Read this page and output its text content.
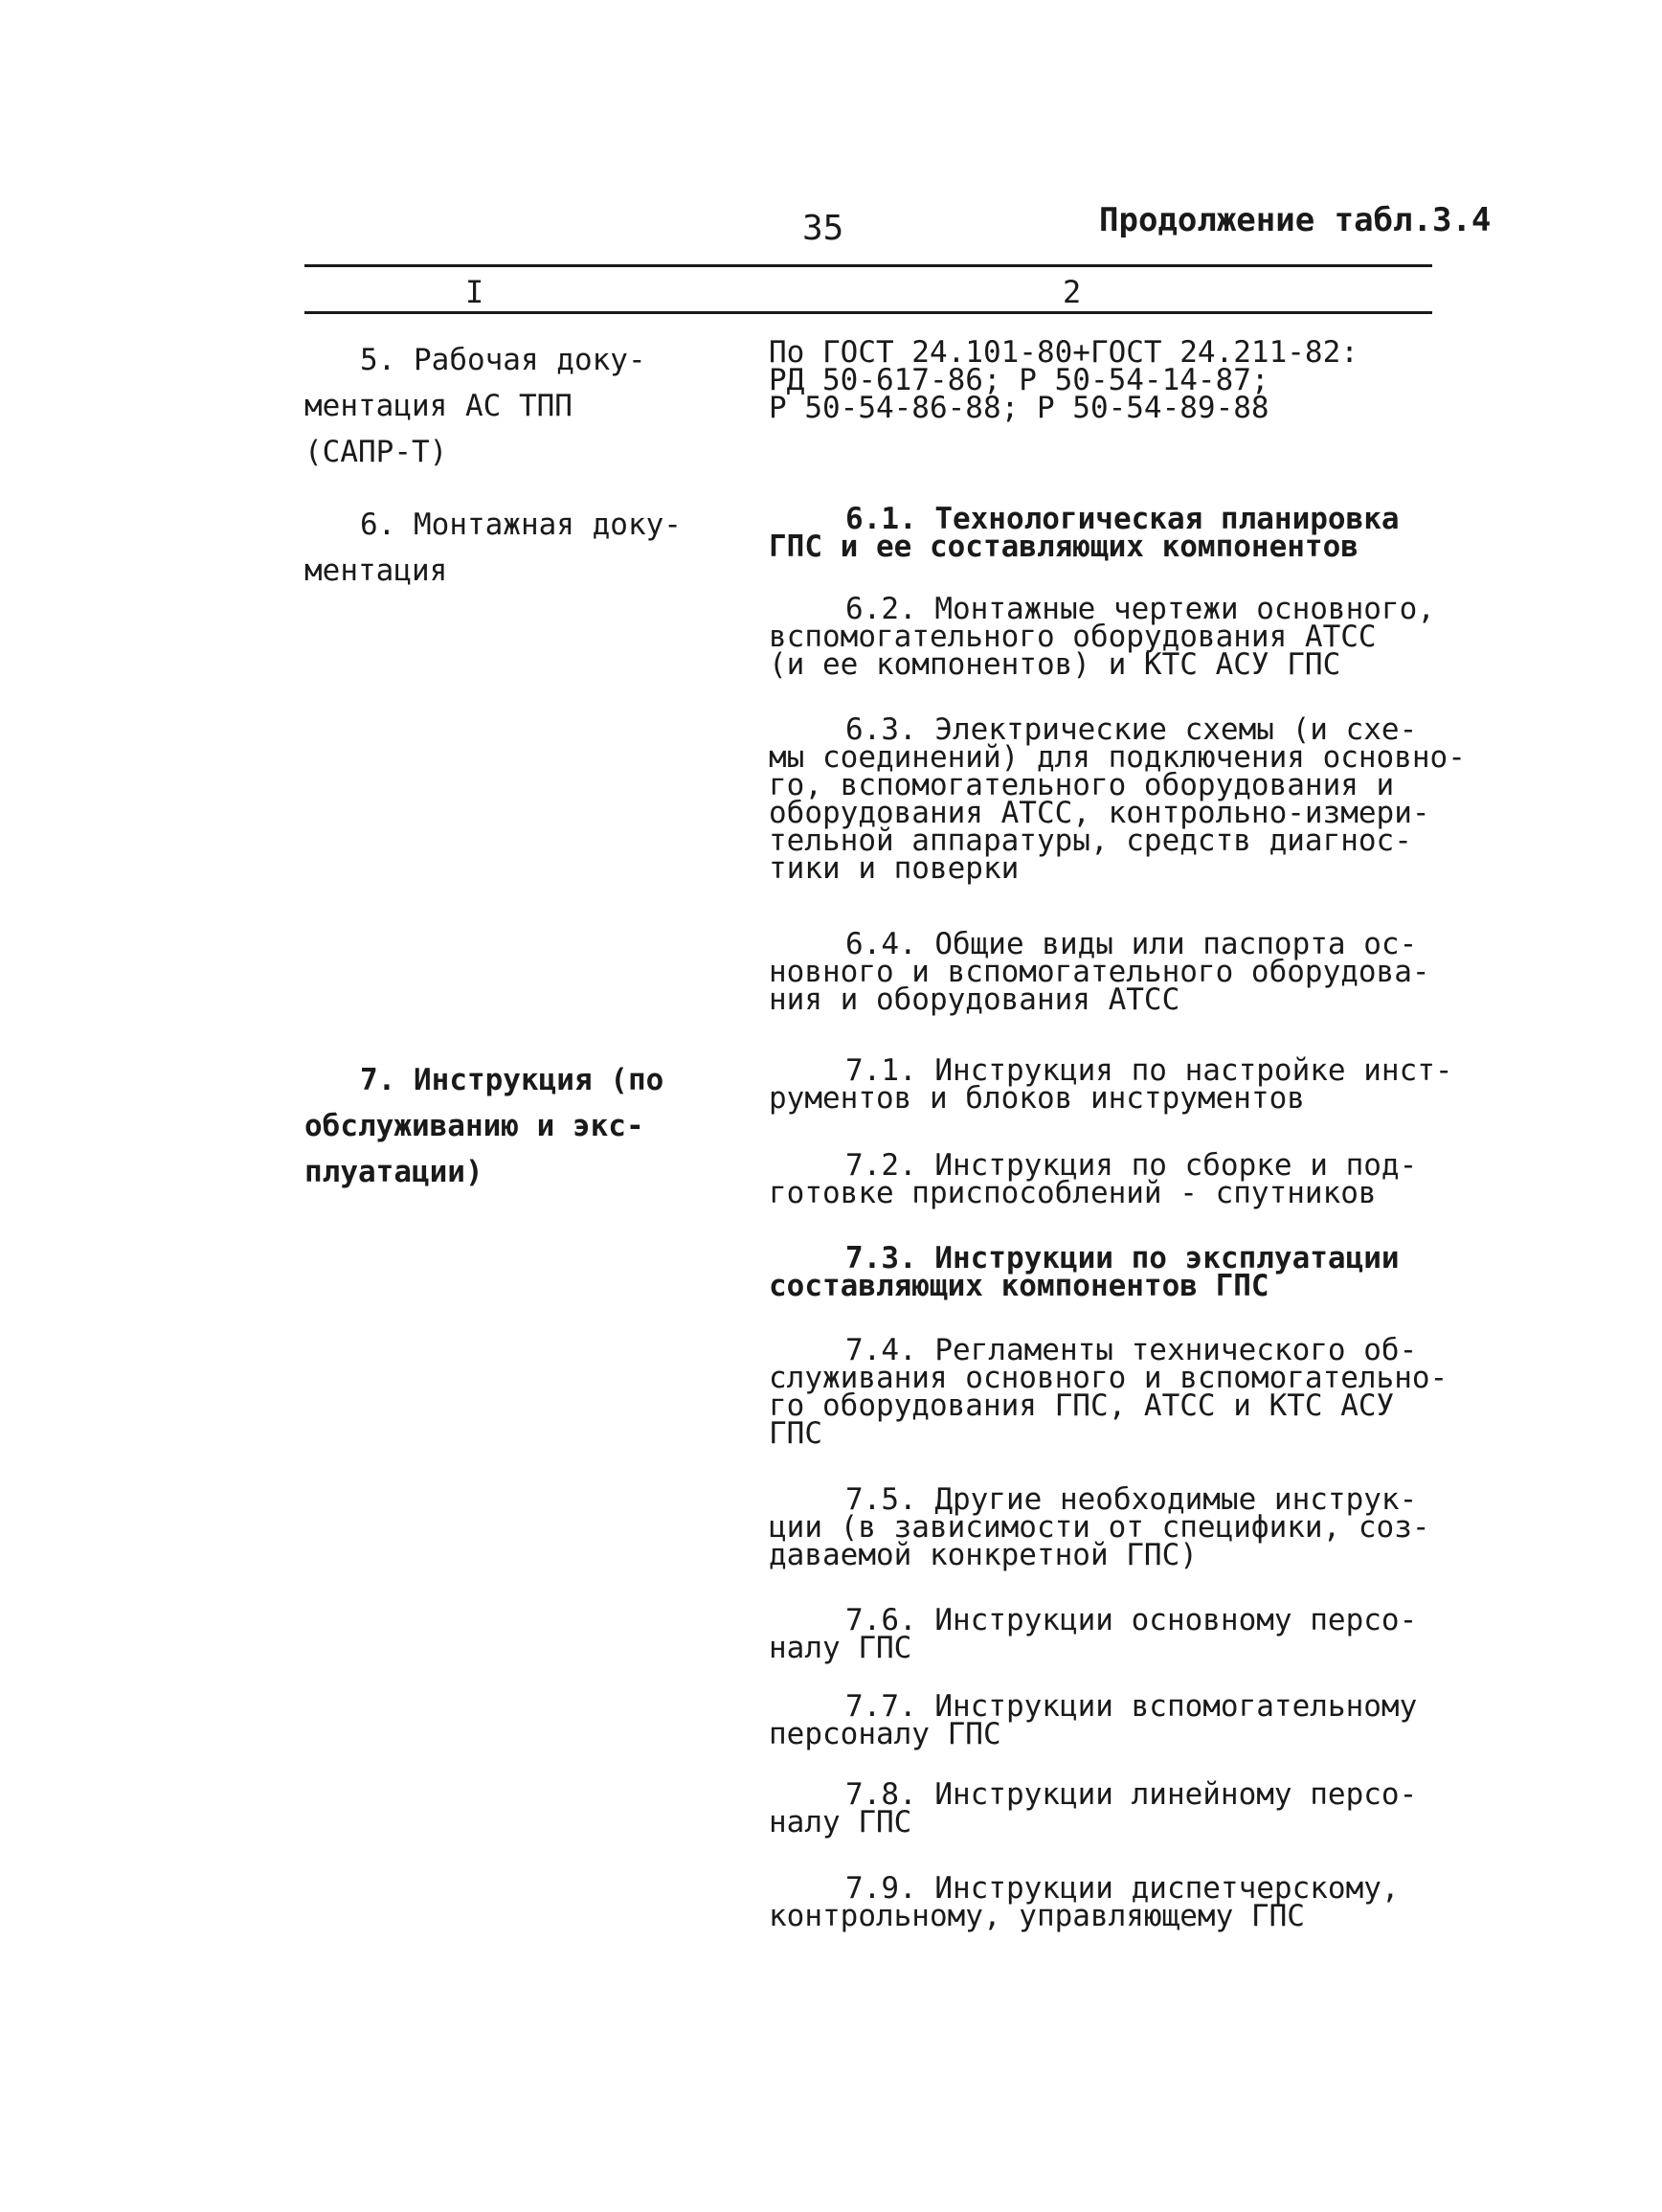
35	Продолжение табл.3.4
I	2
5. Рабочая доку-
ментация АС ТПП
(САПР-Т)
6. Монтажная доку-
ментация
7. Инструкция (по
обслуживанию и экс-
плуатации)
По ГОСТ 24.101-80+ГОСТ 24.211-82:
РД 50-617-86; Р 50-54-14-87;
Р 50-54-86-88; Р 50-54-89-88
6.1. Технологическая планировка
ГПС и ее составляющих компонентов
6.2. Монтажные чертежи основного,
вспомогательного оборудования АТСС
(и ее компонентов) и КТС АСУ ГПС
6.3. Электрические схемы (и схе-
мы соединений) для подключения основно-
го, вспомогательного оборудования и
оборудования АТСС, контрольно-измери-
тельной аппаратуры, средств диагнос-
тики и поверки
6.4. Общие виды или паспорта ос-
новного и вспомогательного оборудова-
ния и оборудования АТСС
7.1. Инструкция по настройке инст-
рументов и блоков инструментов
7.2. Инструкция по сборке и под-
готовке приспособлений - спутников
7.3. Инструкции по эксплуатации
составляющих компонентов ГПС
7.4. Регламенты технического об-
служивания основного и вспомогательно-
го оборудования ГПС, АТСС и КТС АСУ
ГПС
7.5. Другие необходимые инструк-
ции (в зависимости от специфики, соз-
даваемой конкретной ГПС)
7.6. Инструкции основному персо-
налу ГПС
7.7. Инструкции вспомогательному
персоналу ГПС
7.8. Инструкции линейному персо-
налу ГПС
7.9. Инструкции диспетчерскому,
контрольному, управляющему ГПС
